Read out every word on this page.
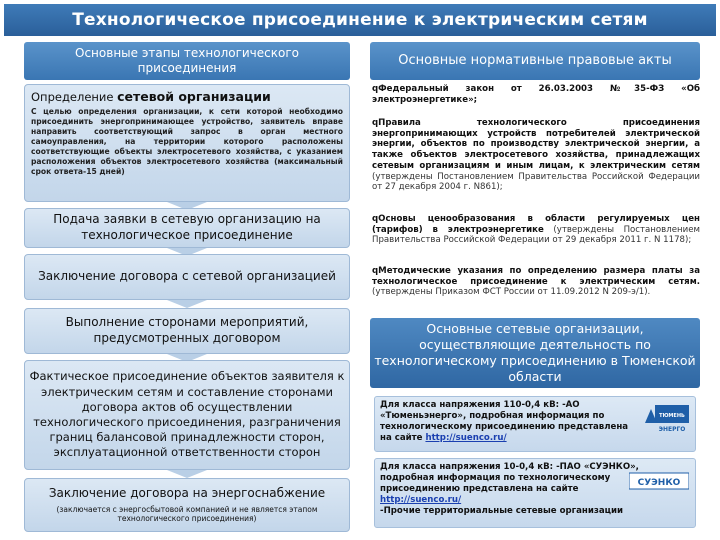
Технологическое присоединение к электрическим сетям
Основные этапы технологического присоединения
Основные нормативные правовые акты
Определение сетевой организации
С целью определения организации, к сети которой необходимо присоединить энергопринимающее устройство, заявитель вправе направить соответствующий запрос в орган местного самоуправления, на территории которого расположены соответствующие объекты электросетевого хозяйства, с указанием расположения объектов электросетевого хозяйства (максимальный срок ответа-15 дней)
Подача заявки в сетевую организацию на технологическое присоединение
Заключение договора с сетевой организацией
Выполнение сторонами мероприятий, предусмотренных договором
Фактическое присоединение объектов заявителя к электрическим сетям и составление сторонами договора актов об осуществлении технологического присоединения, разграничения границ балансовой принадлежности сторон, эксплуатационной ответственности сторон
Заключение договора на энергоснабжение
(заключается с энергосбытовой компанией и не является этапом технологического присоединения)
qФедеральный закон от 26.03.2003 №35-ФЗ «Об электроэнергетике»;
qПравила технологического присоединения энергопринимающих устройств потребителей электрической энергии, объектов по производству электрической энергии, а также объектов электросетевого хозяйства, принадлежащих сетевым организациям и иным лицам, к электрическим сетям (утверждены Постановлением Правительства Российской Федерации от 27 декабря 2004 г. N861);
qОсновы ценообразования в области регулируемых цен (тарифов) в электроэнергетике (утверждены Постановлением Правительства Российской Федерации от 29 декабря 2011 г. N 1178);
qМетодические указания по определению размера платы за технологическое присоединение к электрическим сетям. (утверждены Приказом ФСТ России от 11.09.2012 N 209-э/1).
Основные сетевые организации, осуществляющие деятельность по технологическому присоединению в Тюменской области
Для класса напряжения 110-0,4 кВ: -АО «Тюменьэнерго», подробная информация по технологическому присоединению представлена на сайте http://suenco.ru/
ТЮМЕНЬ
ЭНЕРГО
Для класса напряжения 10-0,4 кВ: -ПАО «СУЭНКО», подробная информация по технологическому присоединению представлена на сайте http://suenco.ru/
-Прочие территориальные сетевые организации
СУЭНКО
